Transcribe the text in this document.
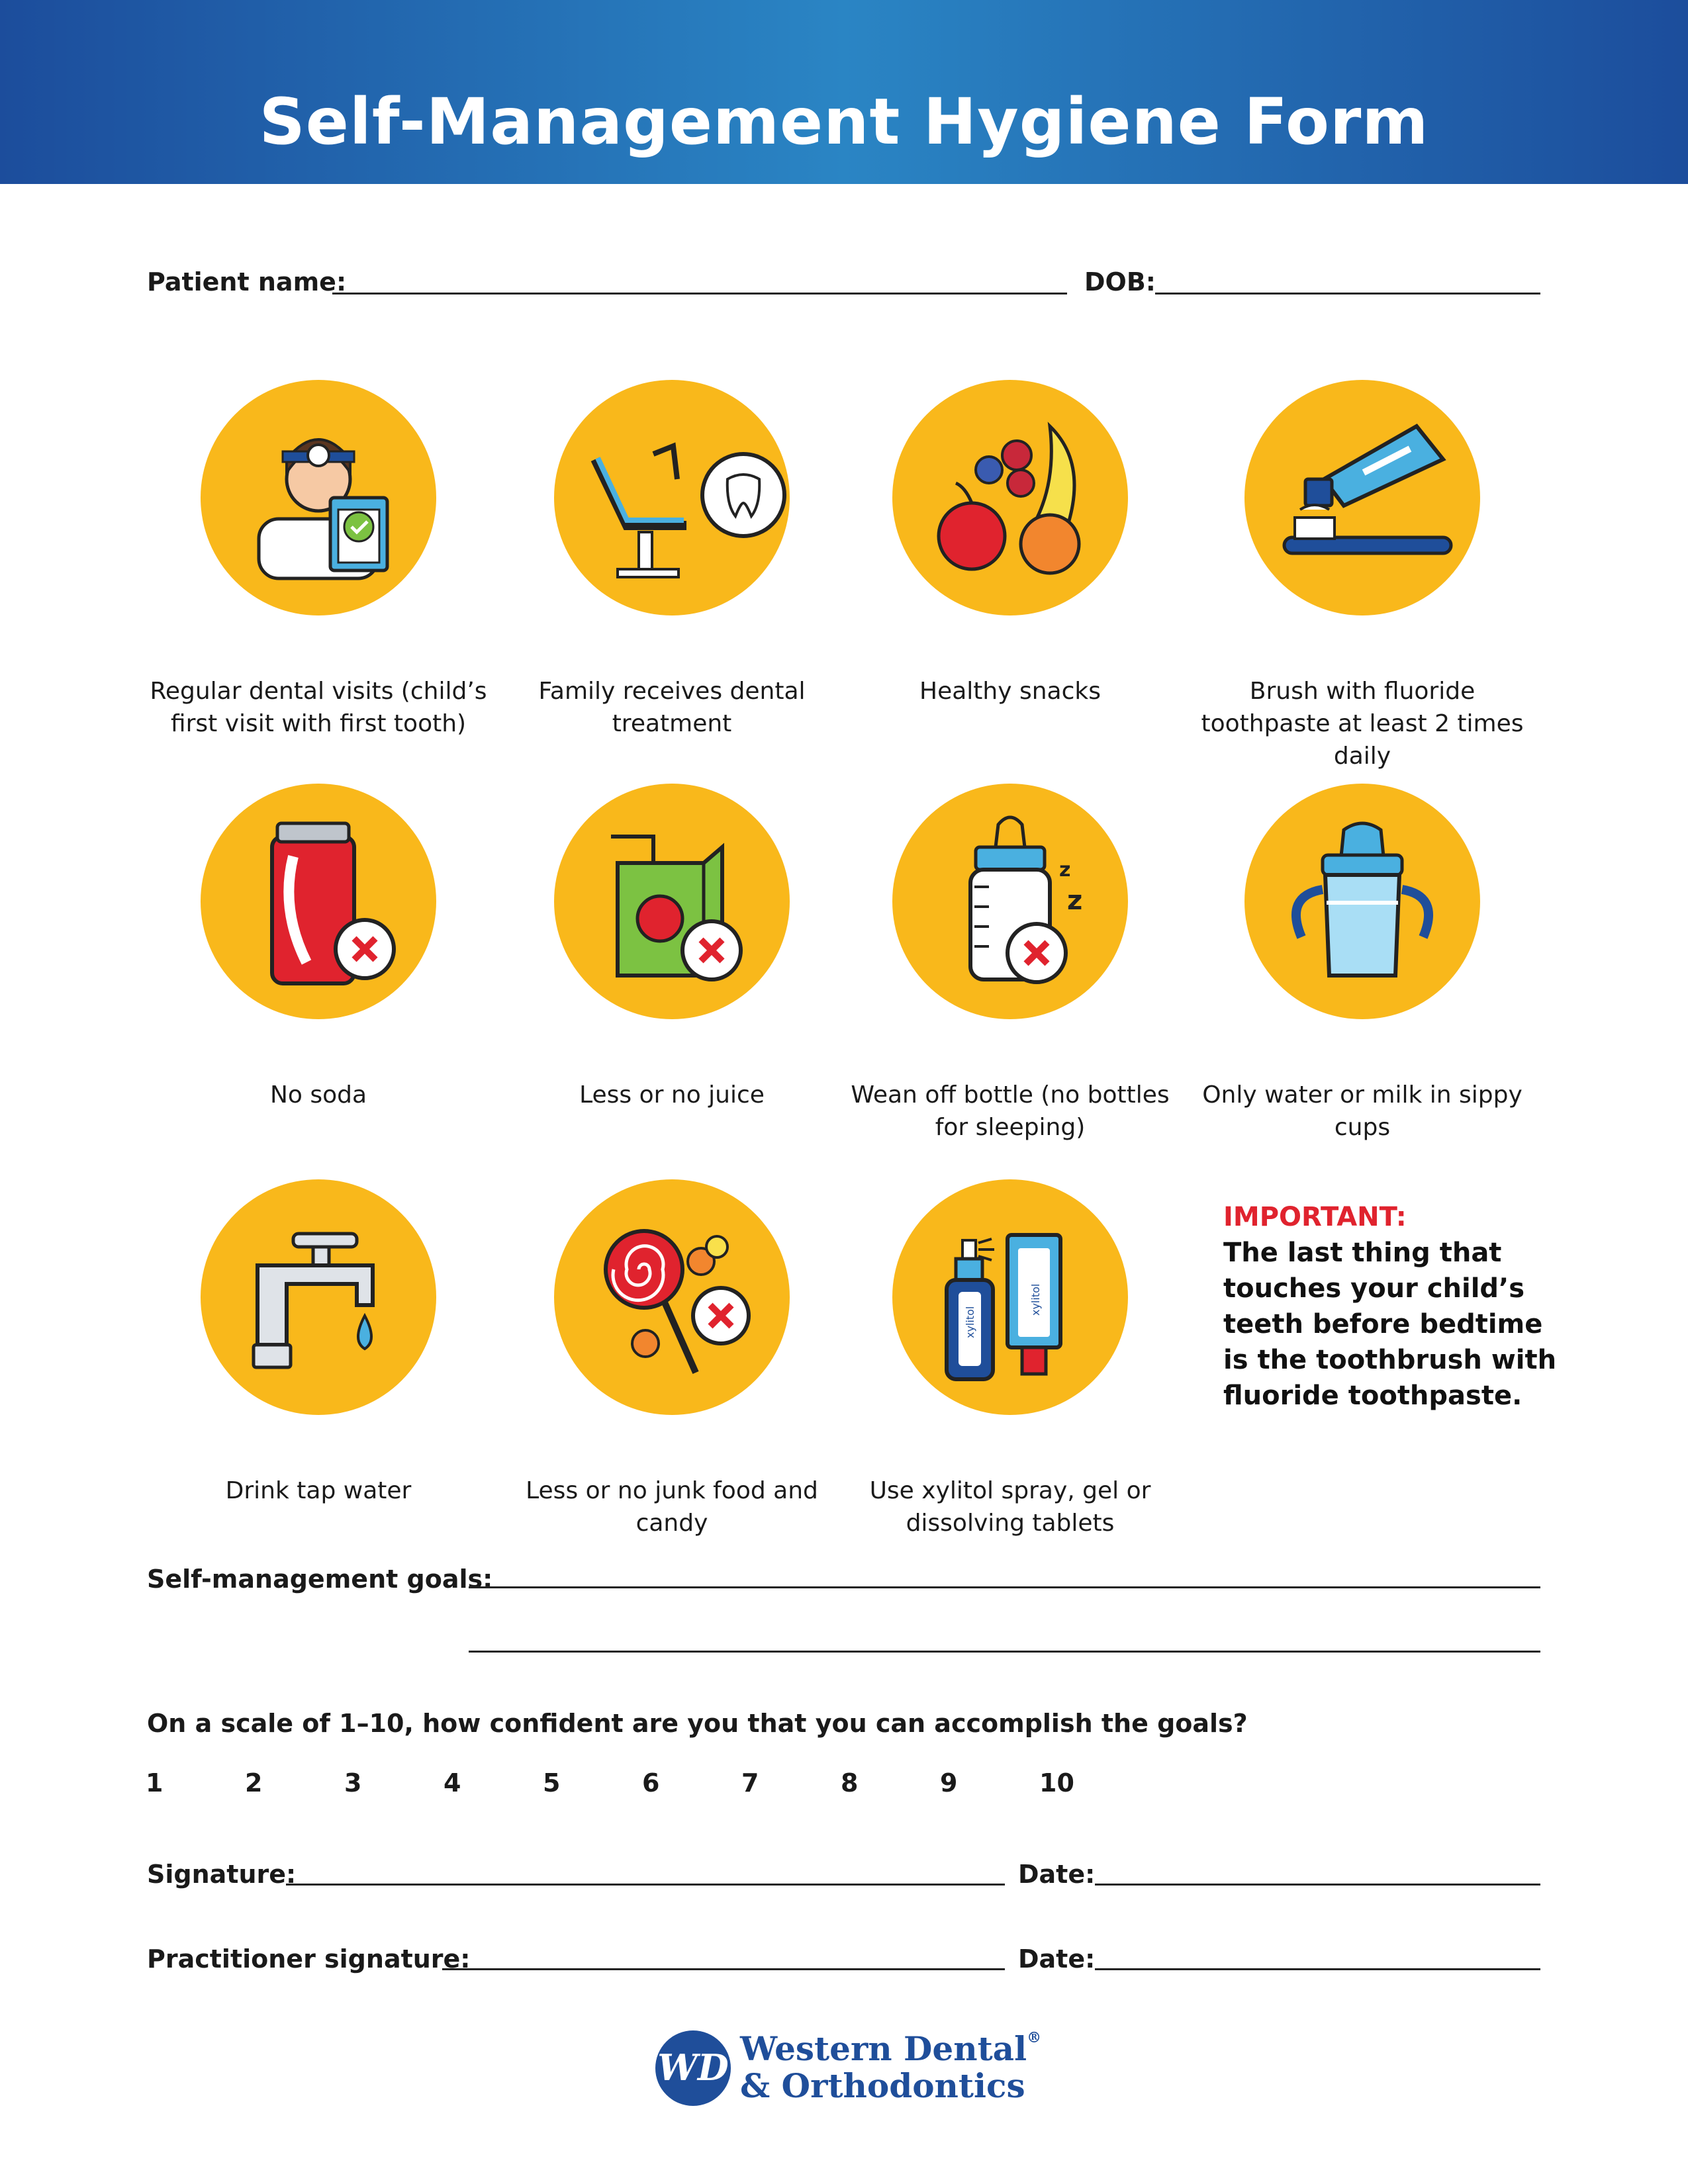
Self-Management Hygiene Form
Patient name:	DOB:
Regular dental visits (child’s first visit with first tooth)
Family receives dental treatment
Healthy snacks	Brush with fluoride toothpaste at least 2 times daily
No soda	Less or no juice
z
z
Wean off bottle (no bottles for sleeping)
Only water or milk in sippy cups
Drink tap water	Less or no junk food and candy
xylitol
xylitol
Use xylitol spray, gel or dissolving tablets
IMPORTANT:
The last thing that touches your child’s teeth before bedtime is the toothbrush with fluoride toothpaste.
Self-management goals:
On a scale of 1–10, how confident are you that you can accomplish the goals?
1	2	3	4	5	6	7	8	9	10
Signature:	Date:
Practitioner signature:	Date:
WD Western Dental®
& Orthodontics
